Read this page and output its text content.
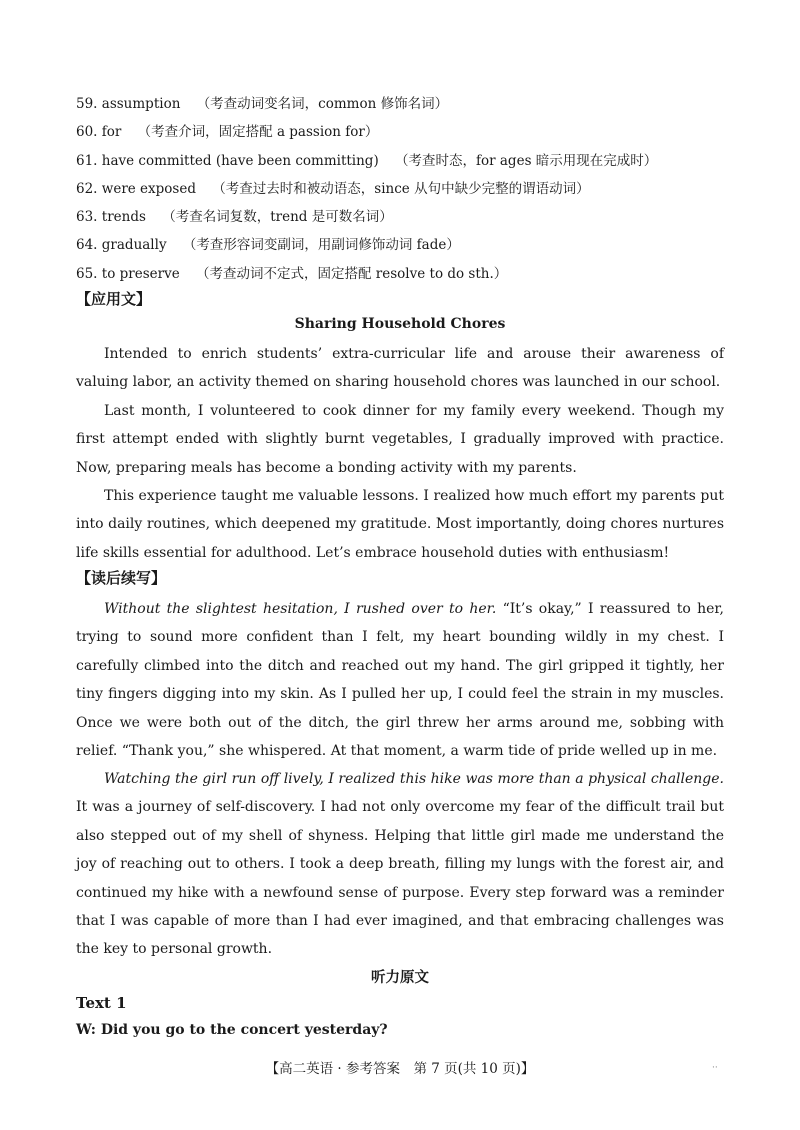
59. assumption （考查动词变名词，common 修饰名词）
60. for （考查介词，固定搭配 a passion for）
61. have committed (have been committing) （考查时态，for ages 暗示用现在完成时）
62. were exposed （考查过去时和被动语态，since 从句中缺少完整的谓语动词）
63. trends （考查名词复数，trend 是可数名词）
64. gradually （考查形容词变副词，用副词修饰动词 fade）
65. to preserve （考查动词不定式，固定搭配 resolve to do sth.）
【应用文】
Sharing Household Chores

Intended to enrich students’ extra-curricular life and arouse their awareness of valuing labor, an activity themed on sharing household chores was launched in our school.

Last month, I volunteered to cook dinner for my family every weekend. Though my first attempt ended with slightly burnt vegetables, I gradually improved with practice. Now, preparing meals has become a bonding activity with my parents.

This experience taught me valuable lessons. I realized how much effort my parents put into daily routines, which deepened my gratitude. Most importantly, doing chores nurtures life skills essential for adulthood. Let’s embrace household duties with enthusiasm!

【读后续写】

Without the slightest hesitation, I rushed over to her. “It’s okay,” I reassured to her, trying to sound more confident than I felt, my heart bounding wildly in my chest. I carefully climbed into the ditch and reached out my hand. The girl gripped it tightly, her tiny fingers digging into my skin. As I pulled her up, I could feel the strain in my muscles. Once we were both out of the ditch, the girl threw her arms around me, sobbing with relief. “Thank you,” she whispered. At that moment, a warm tide of pride welled up in me.

Watching the girl run off lively, I realized this hike was more than a physical challenge. It was a journey of self-discovery. I had not only overcome my fear of the difficult trail but also stepped out of my shell of shyness. Helping that little girl made me understand the joy of reaching out to others. I took a deep breath, filling my lungs with the forest air, and continued my hike with a newfound sense of purpose. Every step forward was a reminder that I was capable of more than I had ever imagined, and that embracing challenges was the key to personal growth.

听力原文
Text 1
W: Did you go to the concert yesterday?
【高二英语 · 参考答案　第 7 页(共 10 页)】	··
